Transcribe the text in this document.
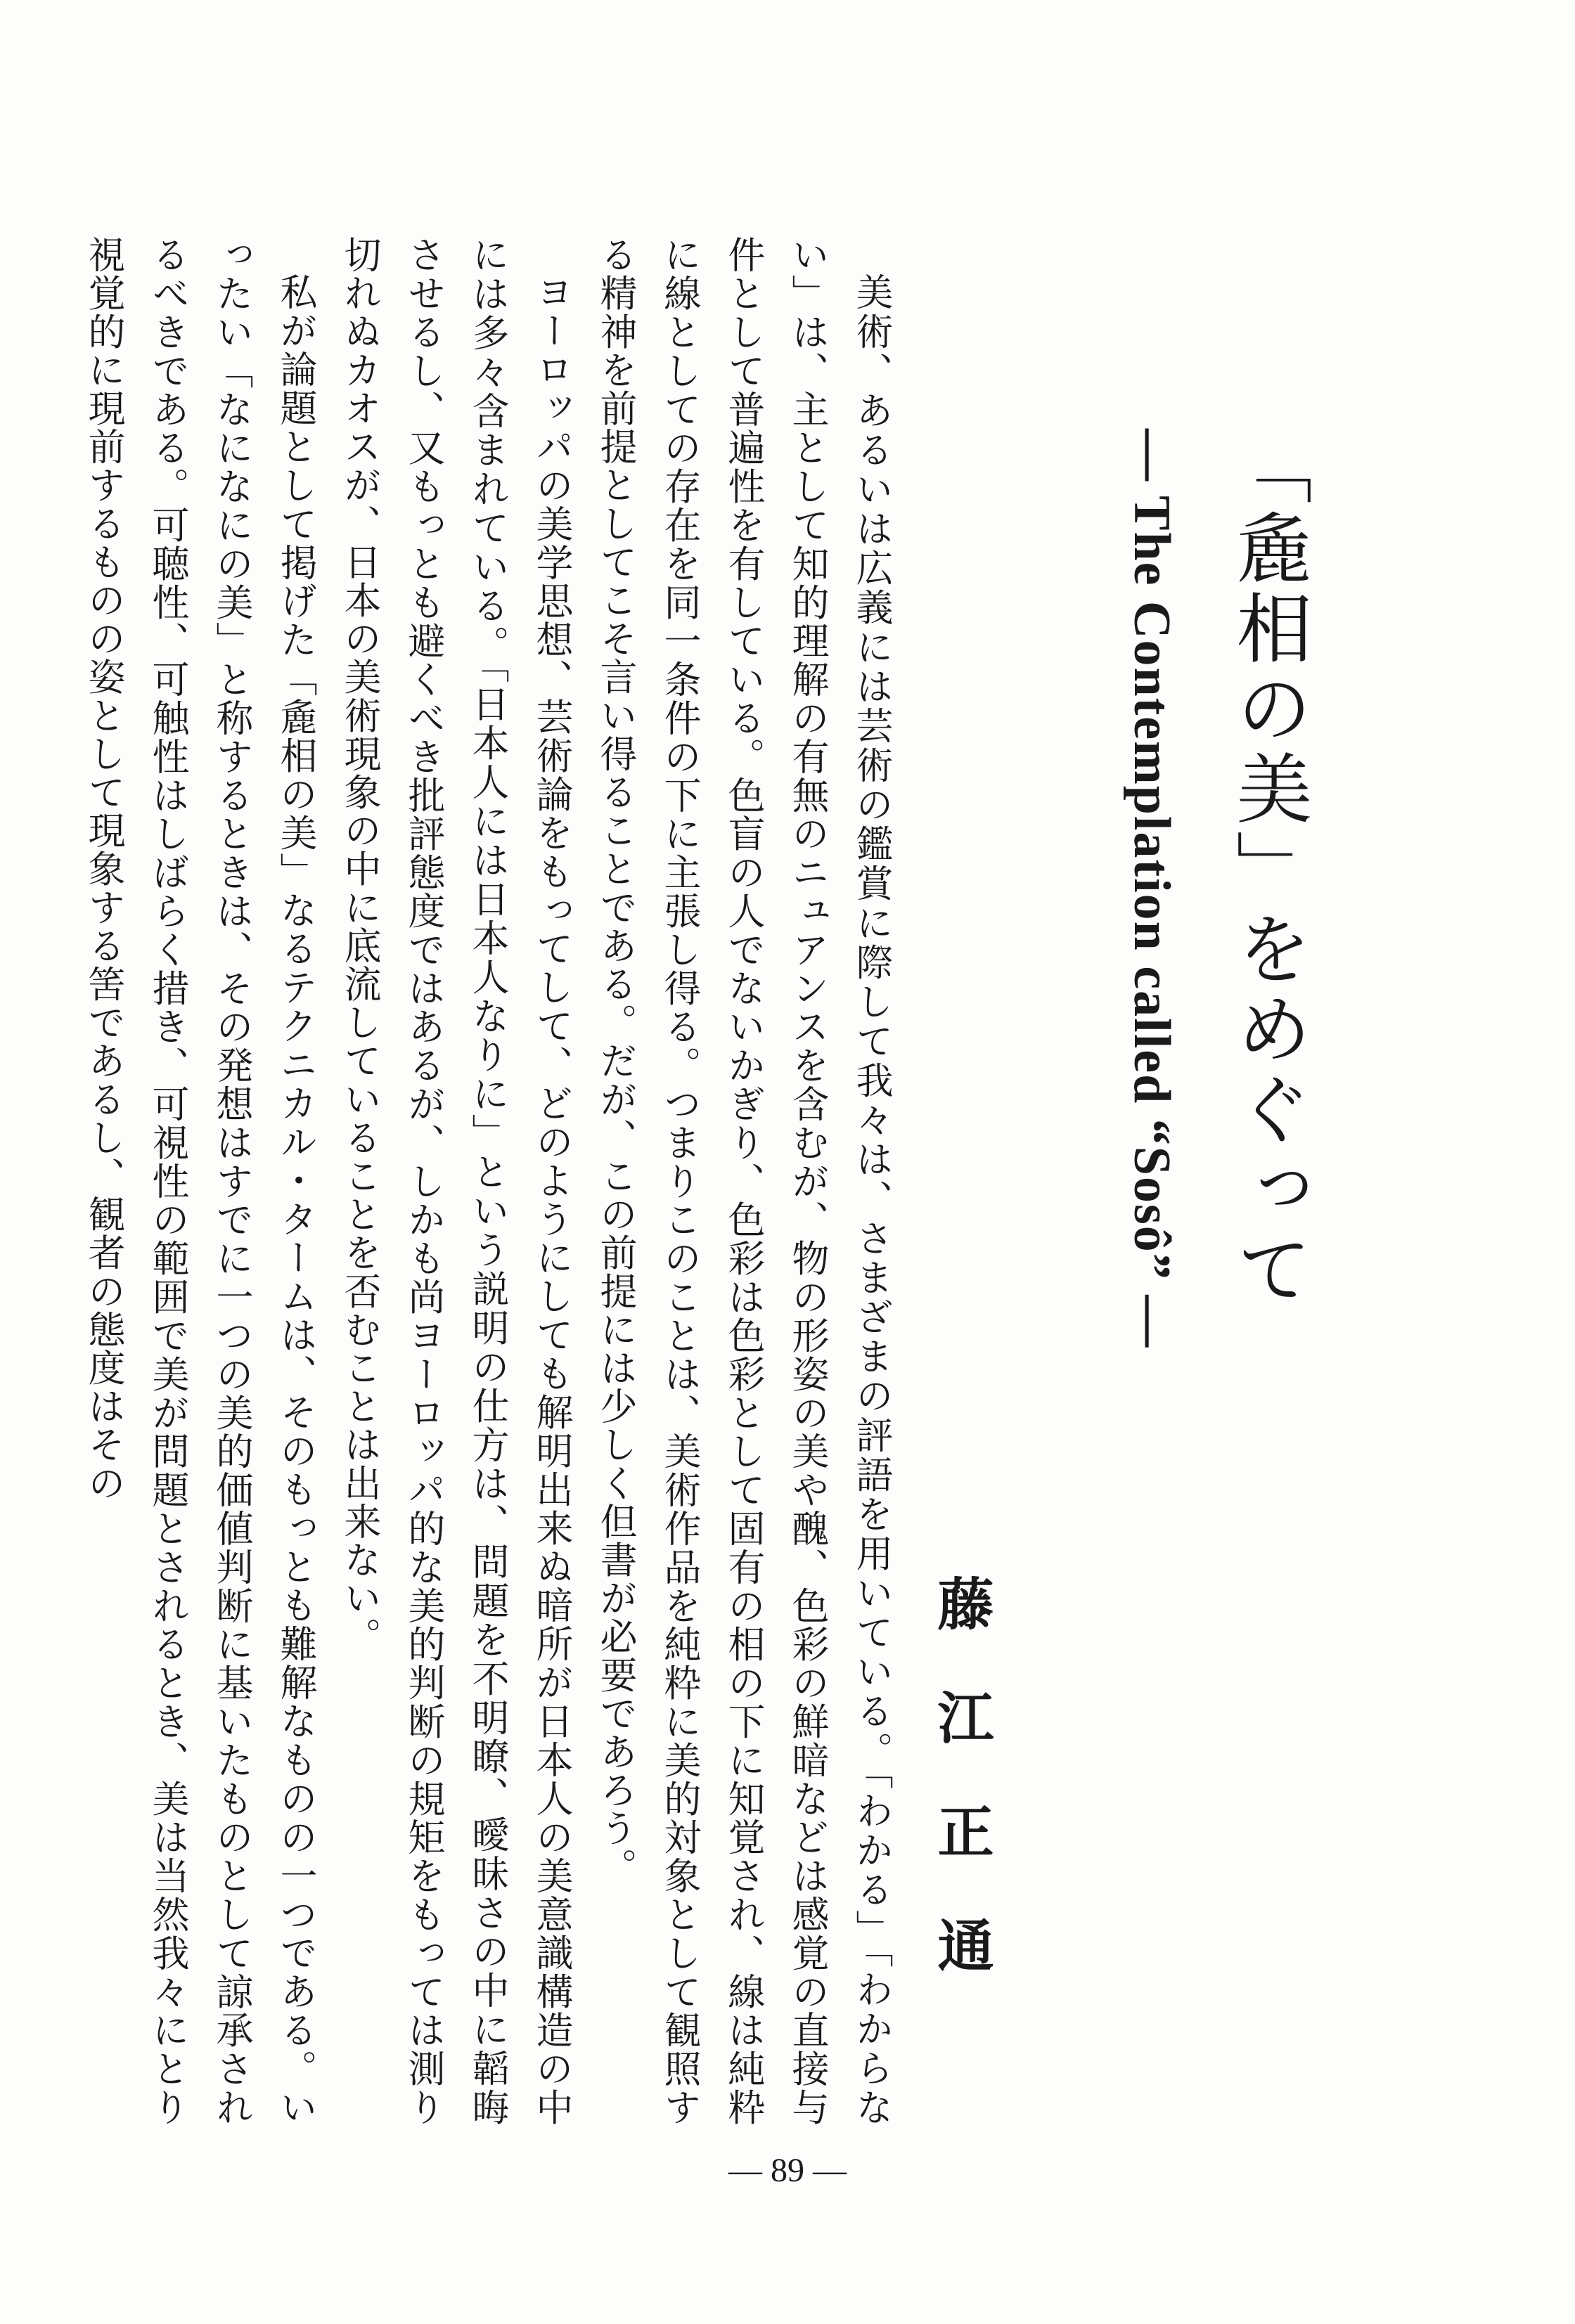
「麁相の美」をめぐって
— The Contemplation called “Sosô” —
藤江正通

美術、あるいは広義には芸術の鑑賞に際して我々は、さまざまの評語を用いている。「わかる」「わからない」は、主として知的理解の有無のニュアンスを含むが、物の形姿の美や醜、色彩の鮮暗などは感覚の直接与件として普遍性を有している。色盲の人でないかぎり、色彩は色彩として固有の相の下に知覚され、線は純粋に線としての存在を同一条件の下に主張し得る。つまりこのことは、美術作品を純粋に美的対象として観照する精神を前提としてこそ言い得ることである。だが、この前提には少しく但書が必要であろう。

ヨーロッパの美学思想、芸術論をもってして、どのようにしても解明出来ぬ暗所が日本人の美意識構造の中には多々含まれている。「日本人には日本人なりに」という説明の仕方は、問題を不明瞭、曖昧さの中に韜晦させるし、又もっとも避くべき批評態度ではあるが、しかも尚ヨーロッパ的な美的判断の規矩をもっては測り切れぬカオスが、日本の美術現象の中に底流していることを否むことは出来ない。

私が論題として掲げた「麁相の美」なるテクニカル・タームは、そのもっとも難解なものの一つである。いったい「なになにの美」と称するときは、その発想はすでに一つの美的価値判断に基いたものとして諒承されるべきである。可聴性、可触性はしばらく措き、可視性の範囲で美が問題とされるとき、美は当然我々にとり視覚的に現前するものの姿として現象する筈であるし、観者の態度はその

— 89 —
